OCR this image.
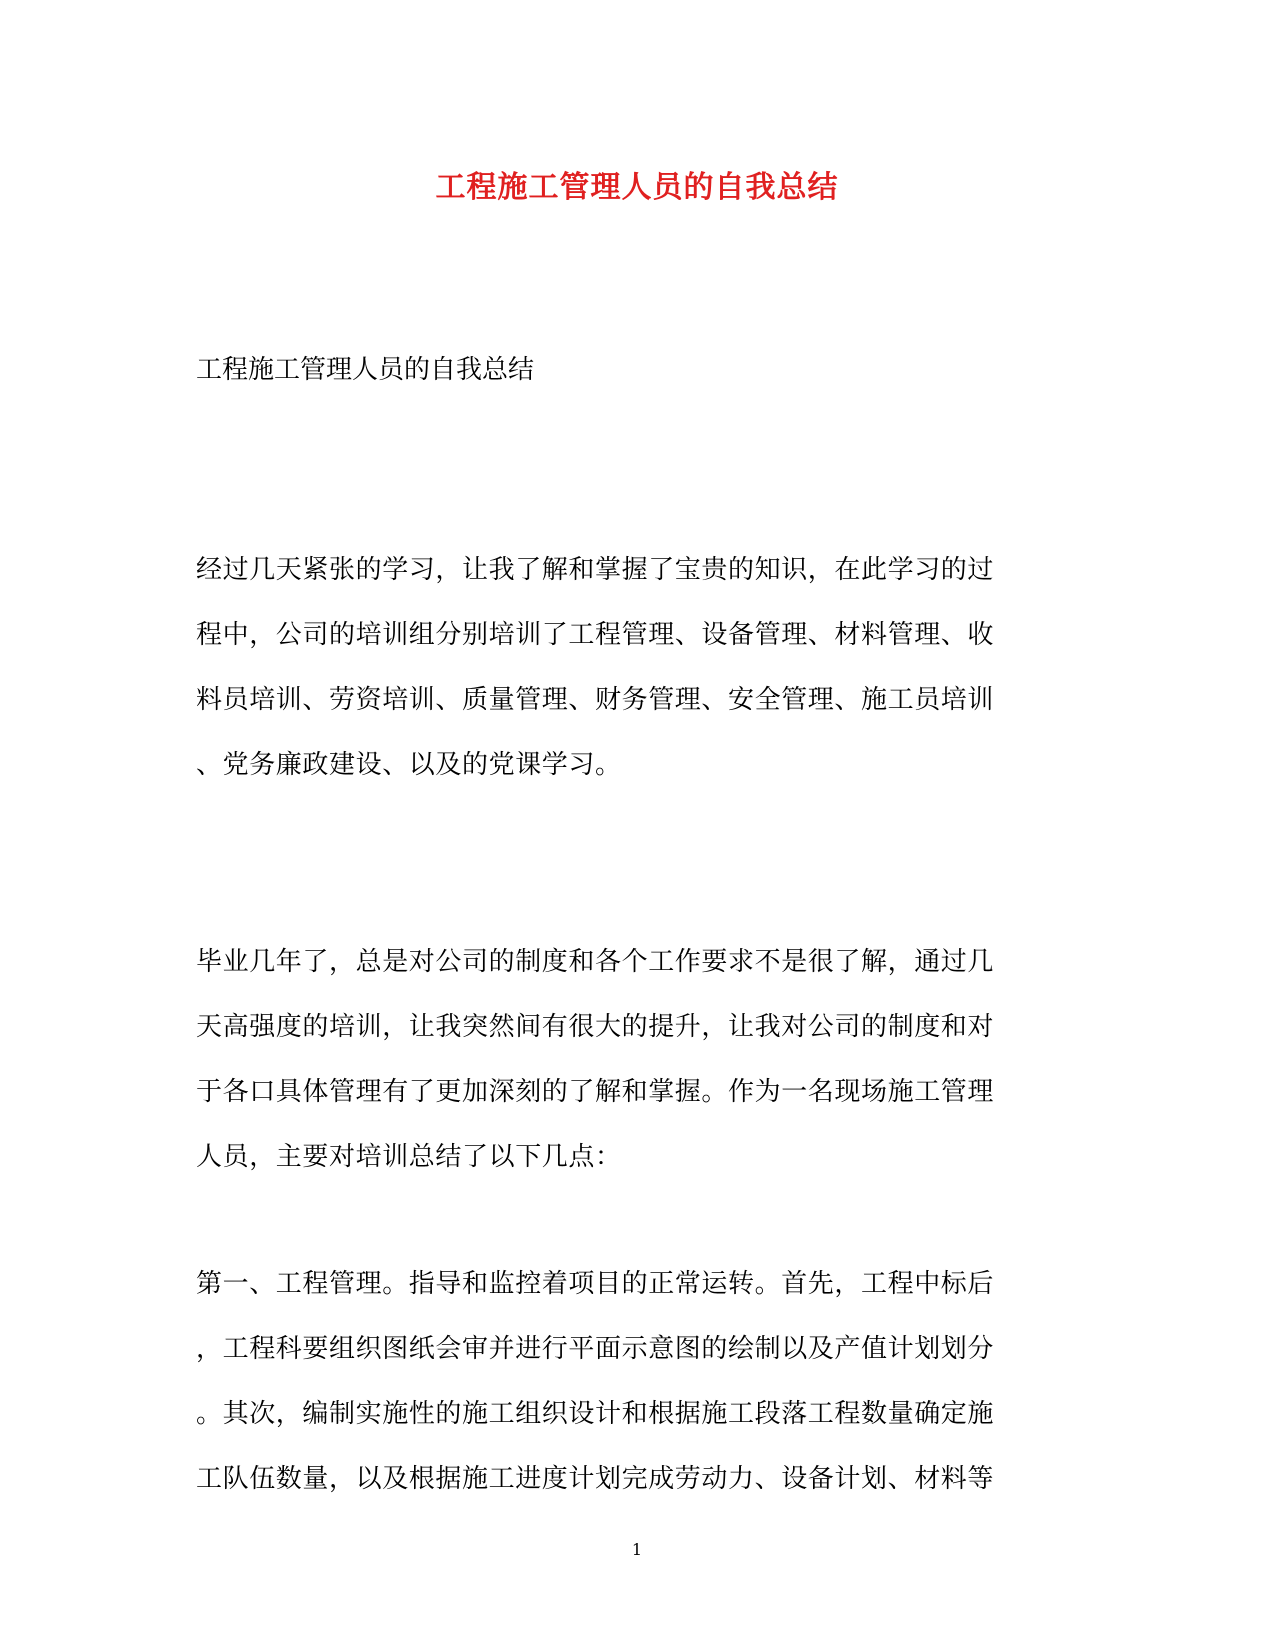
工程施工管理人员的自我总结
工程施工管理人员的自我总结
经过几天紧张的学习，让我了解和掌握了宝贵的知识，在此学习的过
程中，公司的培训组分别培训了工程管理、设备管理、材料管理、收
料员培训、劳资培训、质量管理、财务管理、安全管理、施工员培训
、党务廉政建设、以及的党课学习。
毕业几年了，总是对公司的制度和各个工作要求不是很了解，通过几
天高强度的培训，让我突然间有很大的提升，让我对公司的制度和对
于各口具体管理有了更加深刻的了解和掌握。作为一名现场施工管理
人员，主要对培训总结了以下几点：
第一、工程管理。指导和监控着项目的正常运转。首先，工程中标后
，工程科要组织图纸会审并进行平面示意图的绘制以及产值计划划分
。其次，编制实施性的施工组织设计和根据施工段落工程数量确定施
工队伍数量，以及根据施工进度计划完成劳动力、设备计划、材料等
1
